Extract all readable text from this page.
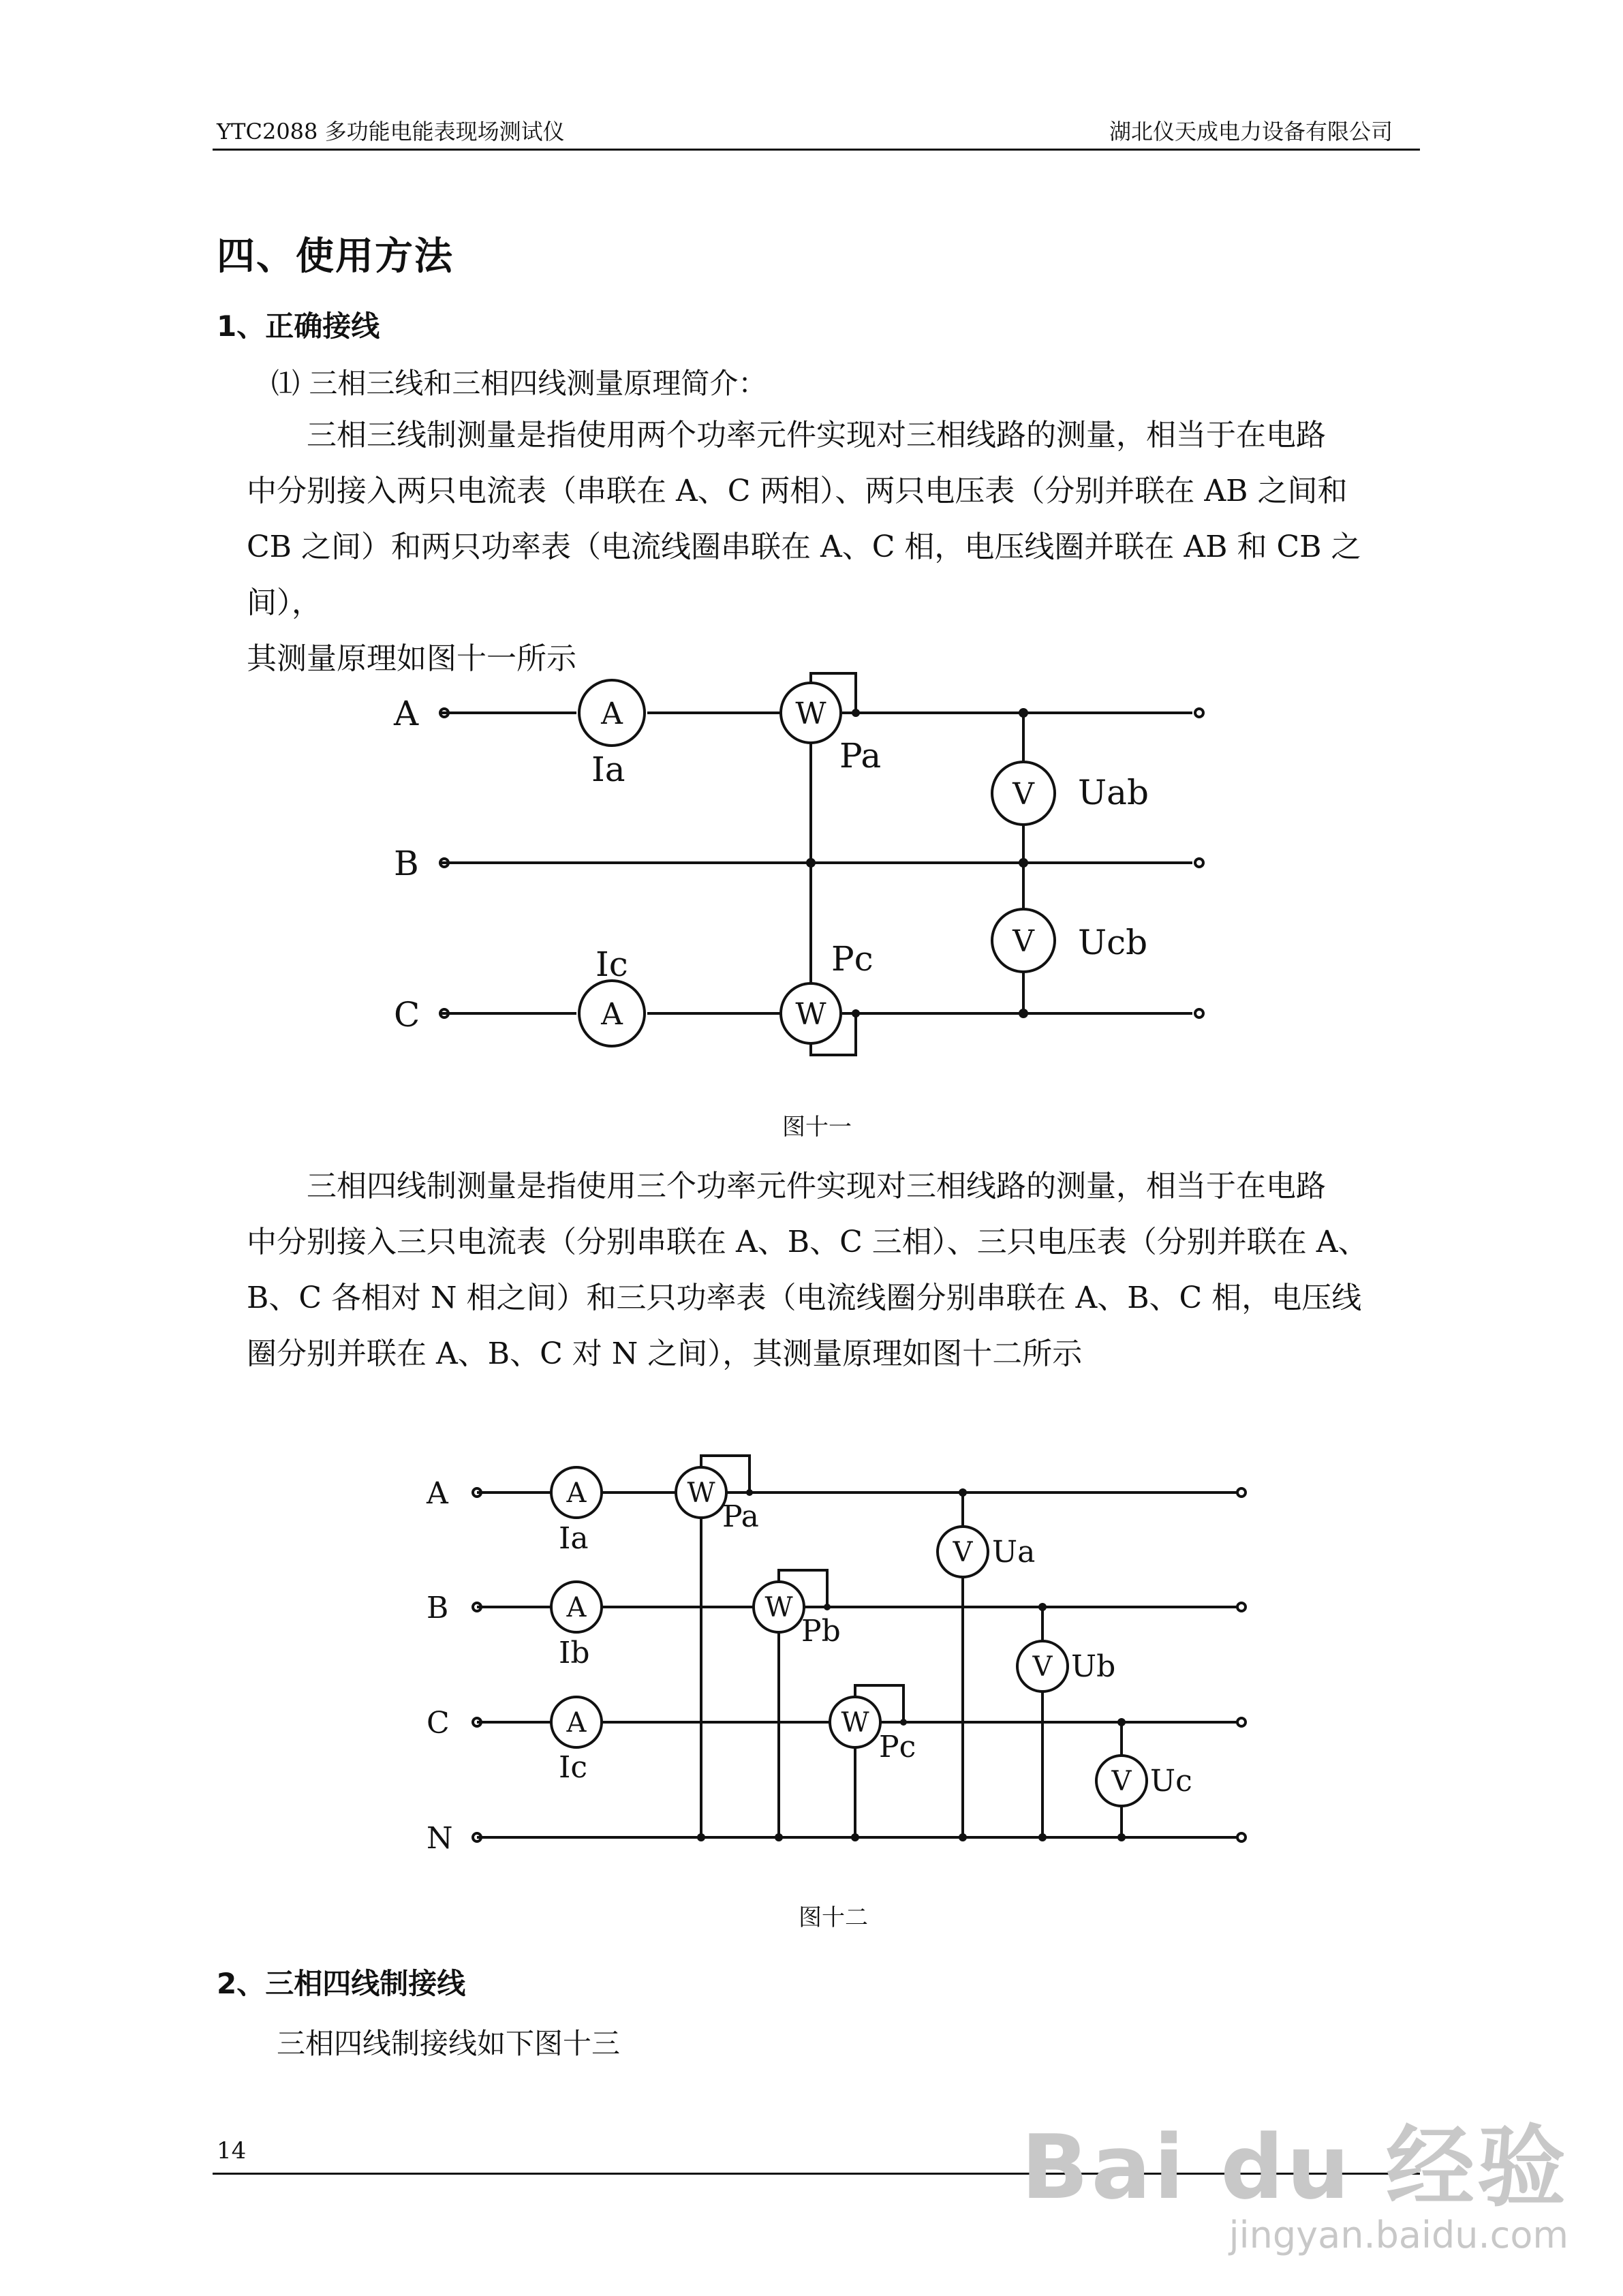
YTC2088 多功能电能表现场测试仪	湖北仪天成电力设备有限公司
四、使用方法
1、正确接线
⑴ 三相三线和三相四线测量原理简介：
三相三线制测量是指使用两个功率元件实现对三相线路的测量，相当于在电路
中分别接入两只电流表（串联在 A、C 两相）、两只电压表（分别并联在 AB 之间和
CB 之间）和两只功率表（电流线圈串联在 A、C 相，电压线圈并联在 AB 和 CB 之间），
其测量原理如图十一所示
A
B
C
A
A
W
W
V
V
Ia
Ic
Pa
Pc
Uab
Ucb
图十一
三相四线制测量是指使用三个功率元件实现对三相线路的测量，相当于在电路
中分别接入三只电流表（分别串联在 A、B、C 三相）、三只电压表（分别并联在 A、
B、C 各相对 N 相之间）和三只功率表（电流线圈分别串联在 A、B、C 相，电压线
圈分别并联在 A、B、C 对 N 之间），其测量原理如图十二所示
A
B
C
N
A
A
A
W
W
W
V
V
V
Ia
Ib
Ic
Pa
Pb
Pc
Ua
Ub
Uc
图十二
2、三相四线制接线
三相四线制接线如下图十三
14	Bai du 经验
jingyan.baidu.com
